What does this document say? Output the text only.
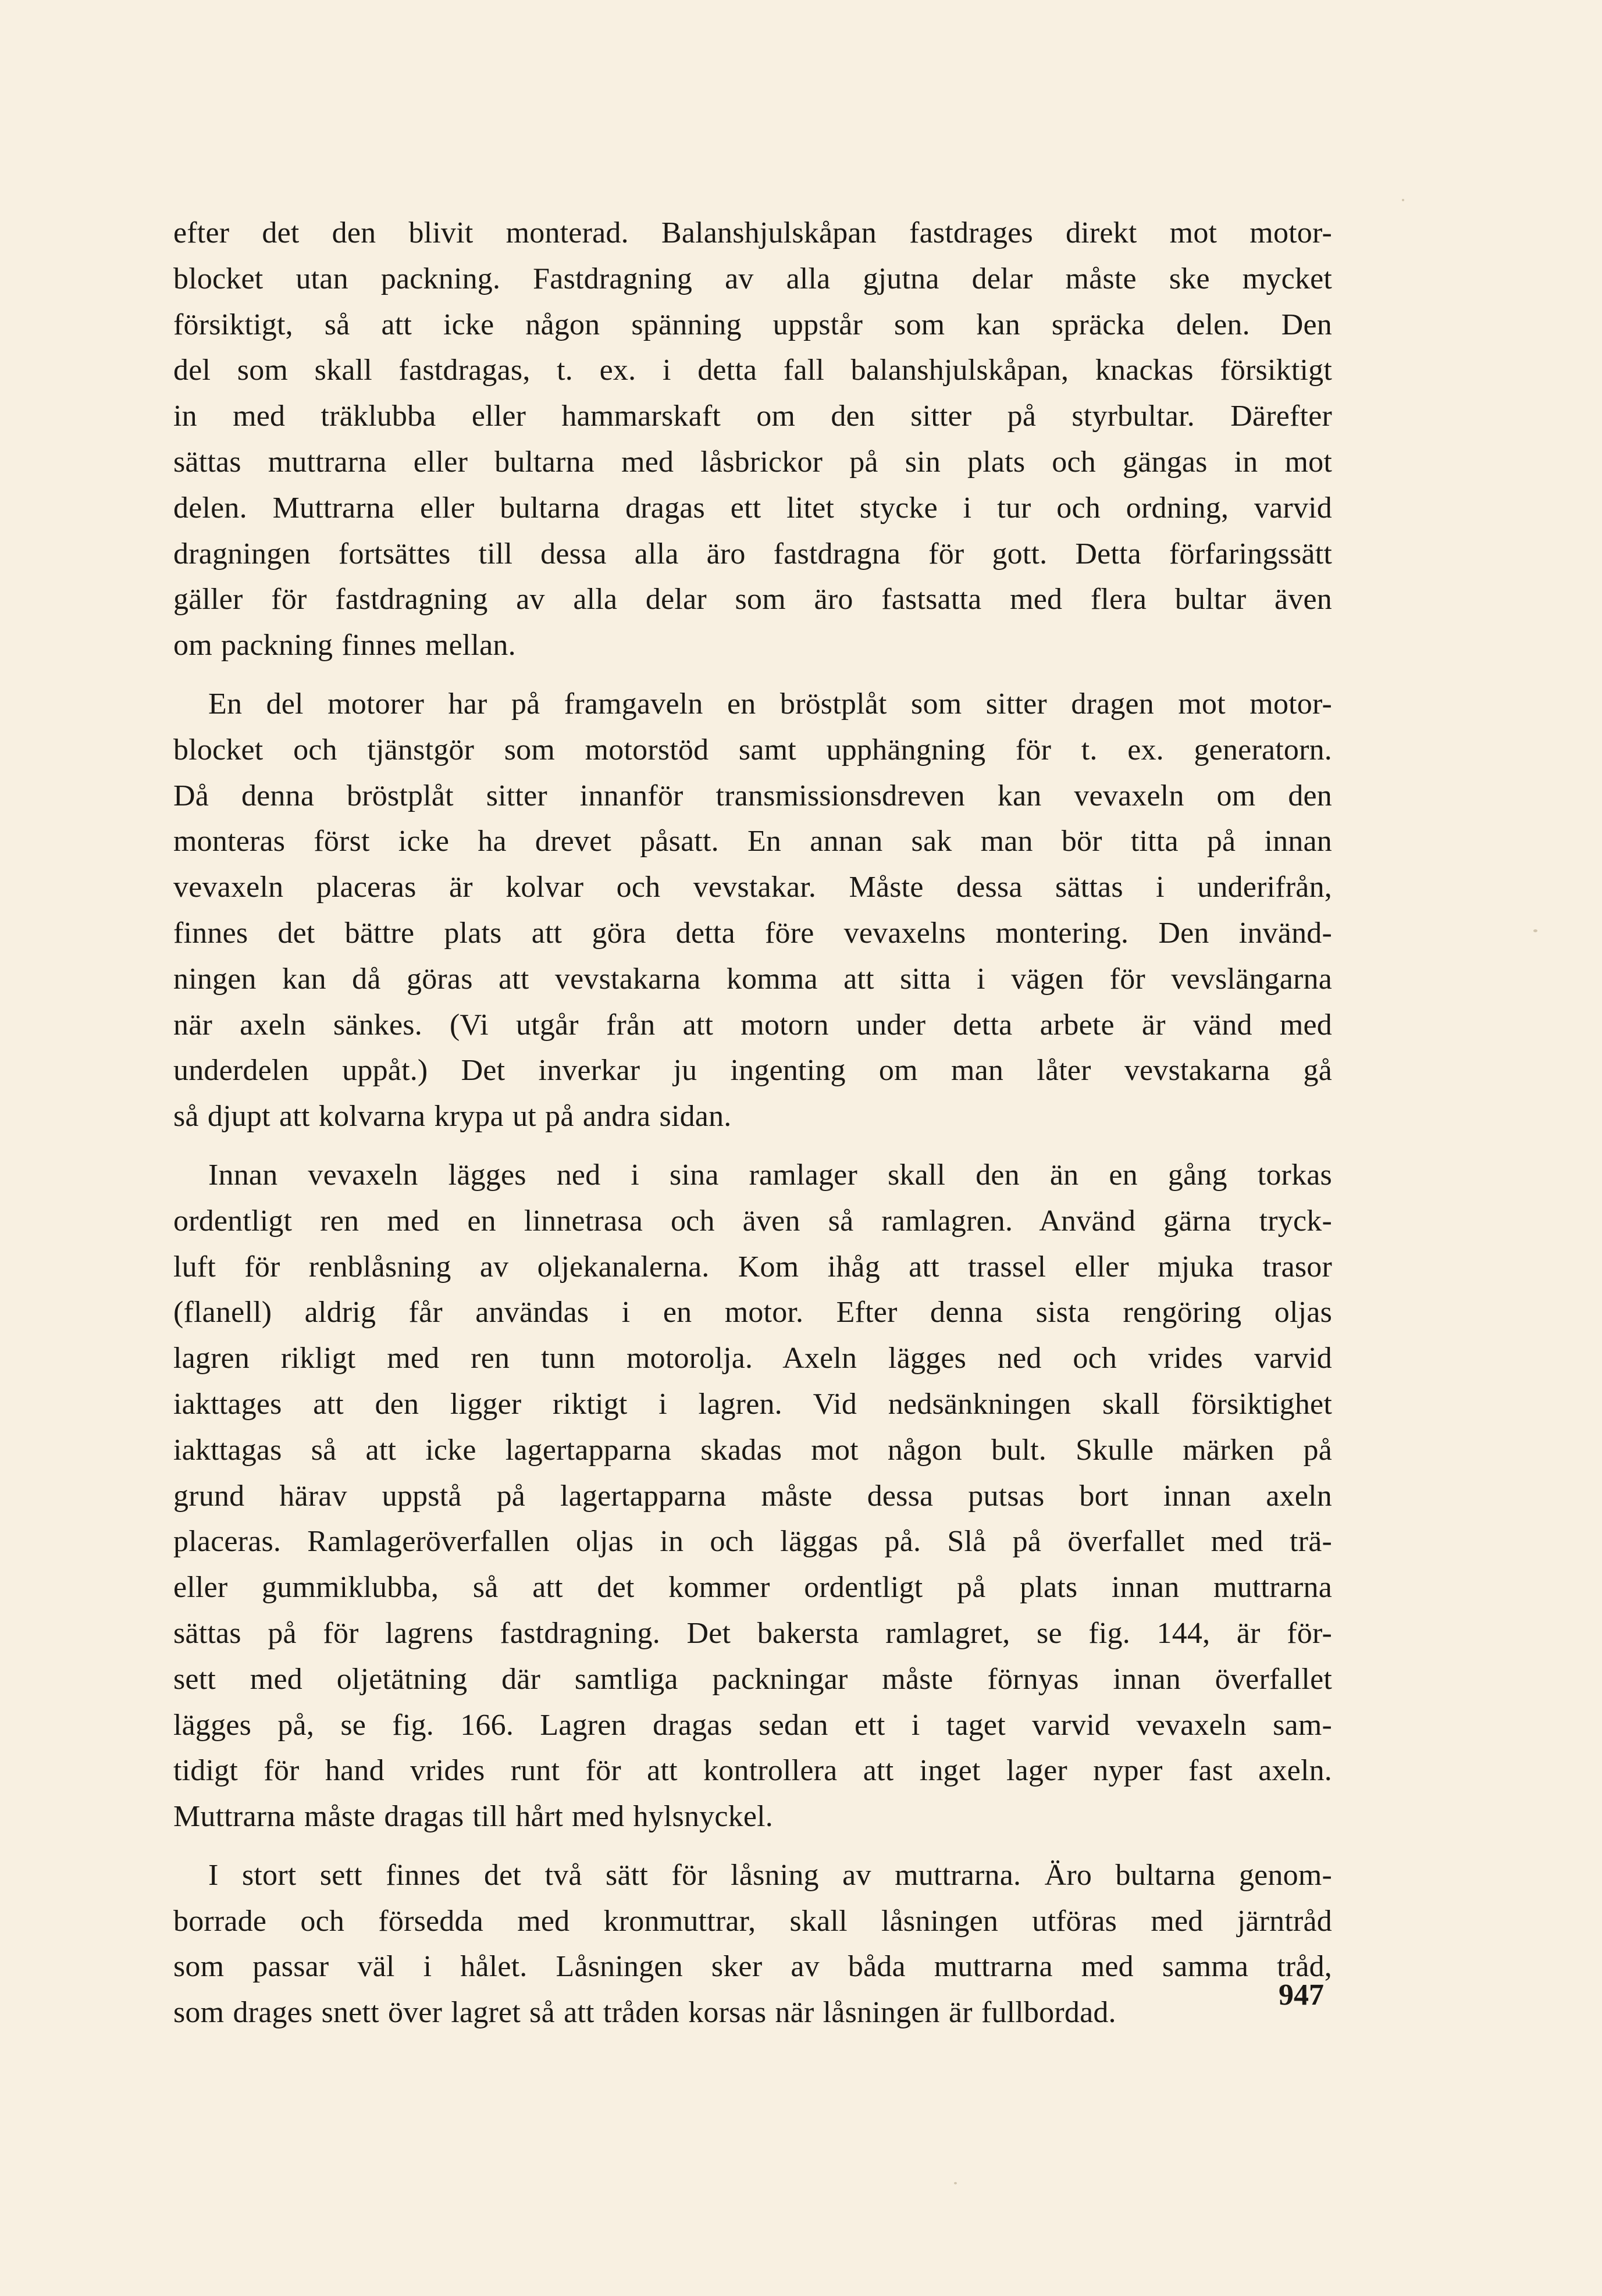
efter det den blivit monterad. Balanshjulskåpan fastdrages direkt mot motor-
blocket utan packning. Fastdragning av alla gjutna delar måste ske mycket
försiktigt, så att icke någon spänning uppstår som kan spräcka delen. Den
del som skall fastdragas, t. ex. i detta fall balanshjulskåpan, knackas försiktigt
in med träklubba eller hammarskaft om den sitter på styrbultar. Därefter
sättas muttrarna eller bultarna med låsbrickor på sin plats och gängas in mot
delen. Muttrarna eller bultarna dragas ett litet stycke i tur och ordning, varvid
dragningen fortsättes till dessa alla äro fastdragna för gott. Detta förfaringssätt
gäller för fastdragning av alla delar som äro fastsatta med flera bultar även
om packning finnes mellan.
En del motorer har på framgaveln en bröstplåt som sitter dragen mot motor-
blocket och tjänstgör som motorstöd samt upphängning för t. ex. generatorn.
Då denna bröstplåt sitter innanför transmissionsdreven kan vevaxeln om den
monteras först icke ha drevet påsatt. En annan sak man bör titta på innan
vevaxeln placeras är kolvar och vevstakar. Måste dessa sättas i underifrån,
finnes det bättre plats att göra detta före vevaxelns montering. Den invänd-
ningen kan då göras att vevstakarna komma att sitta i vägen för vevslängarna
när axeln sänkes. (Vi utgår från att motorn under detta arbete är vänd med
underdelen uppåt.) Det inverkar ju ingenting om man låter vevstakarna gå
så djupt att kolvarna krypa ut på andra sidan.
Innan vevaxeln lägges ned i sina ramlager skall den än en gång torkas
ordentligt ren med en linnetrasa och även så ramlagren. Använd gärna tryck-
luft för renblåsning av oljekanalerna. Kom ihåg att trassel eller mjuka trasor
(flanell) aldrig får användas i en motor. Efter denna sista rengöring oljas
lagren rikligt med ren tunn motorolja. Axeln lägges ned och vrides varvid
iakttages att den ligger riktigt i lagren. Vid nedsänkningen skall försiktighet
iakttagas så att icke lagertapparna skadas mot någon bult. Skulle märken på
grund härav uppstå på lagertapparna måste dessa putsas bort innan axeln
placeras. Ramlageröverfallen oljas in och läggas på. Slå på överfallet med trä-
eller gummiklubba, så att det kommer ordentligt på plats innan muttrarna
sättas på för lagrens fastdragning. Det bakersta ramlagret, se fig. 144, är för-
sett med oljetätning där samtliga packningar måste förnyas innan överfallet
lägges på, se fig. 166. Lagren dragas sedan ett i taget varvid vevaxeln sam-
tidigt för hand vrides runt för att kontrollera att inget lager nyper fast axeln.
Muttrarna måste dragas till hårt med hylsnyckel.
I stort sett finnes det två sätt för låsning av muttrarna. Äro bultarna genom-
borrade och försedda med kronmuttrar, skall låsningen utföras med järntråd
som passar väl i hålet. Låsningen sker av båda muttrarna med samma tråd,
som drages snett över lagret så att tråden korsas när låsningen är fullbordad.
947
